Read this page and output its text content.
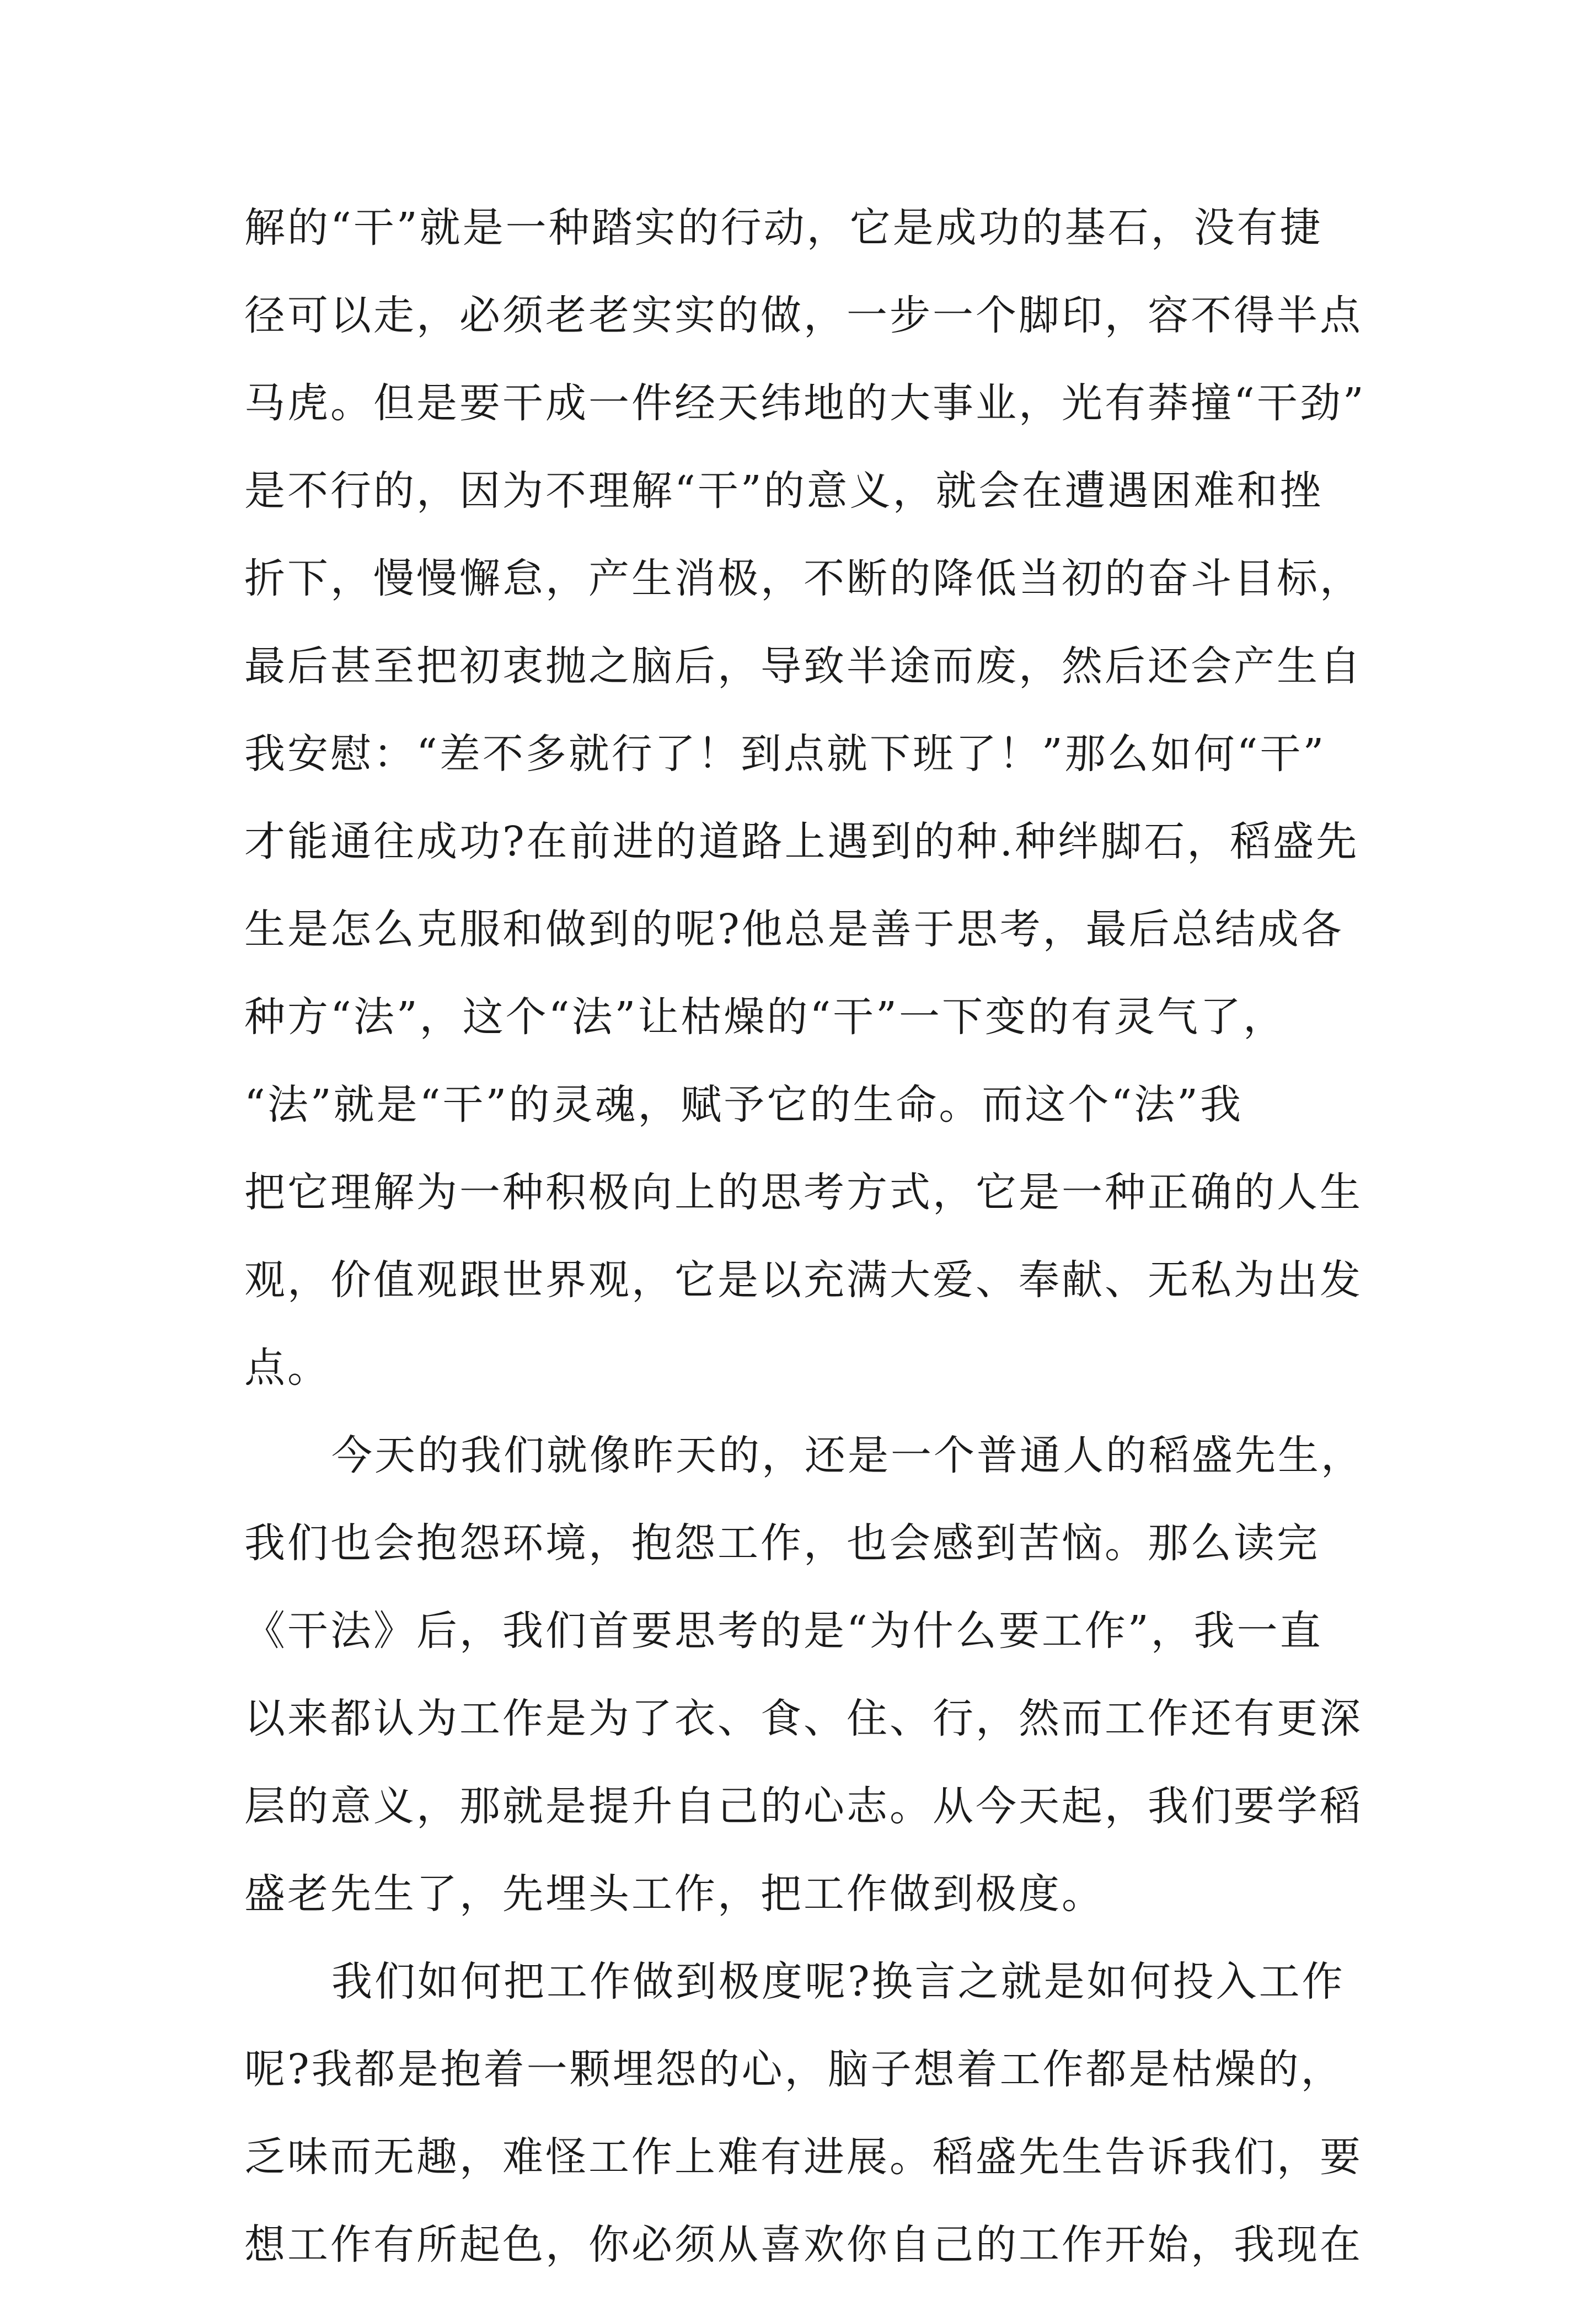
解的“干”就是一种踏实的行动，它是成功的基石，没有捷
径可以走，必须老老实实的做，一步一个脚印，容不得半点
马虎。但是要干成一件经天纬地的大事业，光有莽撞“干劲”
是不行的，因为不理解“干”的意义，就会在遭遇困难和挫
折下，慢慢懈怠，产生消极，不断的降低当初的奋斗目标，
最后甚至把初衷抛之脑后，导致半途而废，然后还会产生自
我安慰：“差不多就行了！到点就下班了！”那么如何“干”
才能通往成功?在前进的道路上遇到的种.种绊脚石，稻盛先
生是怎么克服和做到的呢?他总是善于思考，最后总结成各
种方“法”，这个“法”让枯燥的“干”一下变的有灵气了，
“法”就是“干”的灵魂，赋予它的生命。而这个“法”我
把它理解为一种积极向上的思考方式，它是一种正确的人生
观，价值观跟世界观，它是以充满大爱、奉献、无私为出发
点。
今天的我们就像昨天的，还是一个普通人的稻盛先生，
我们也会抱怨环境，抱怨工作，也会感到苦恼。那么读完
《干法》后，我们首要思考的是“为什么要工作”，我一直
以来都认为工作是为了衣、食、住、行，然而工作还有更深
层的意义，那就是提升自己的心志。从今天起，我们要学稻
盛老先生了，先埋头工作，把工作做到极度。
我们如何把工作做到极度呢?换言之就是如何投入工作
呢?我都是抱着一颗埋怨的心，脑子想着工作都是枯燥的，
乏味而无趣，难怪工作上难有进展。稻盛先生告诉我们，要
想工作有所起色，你必须从喜欢你自己的工作开始，我现在
